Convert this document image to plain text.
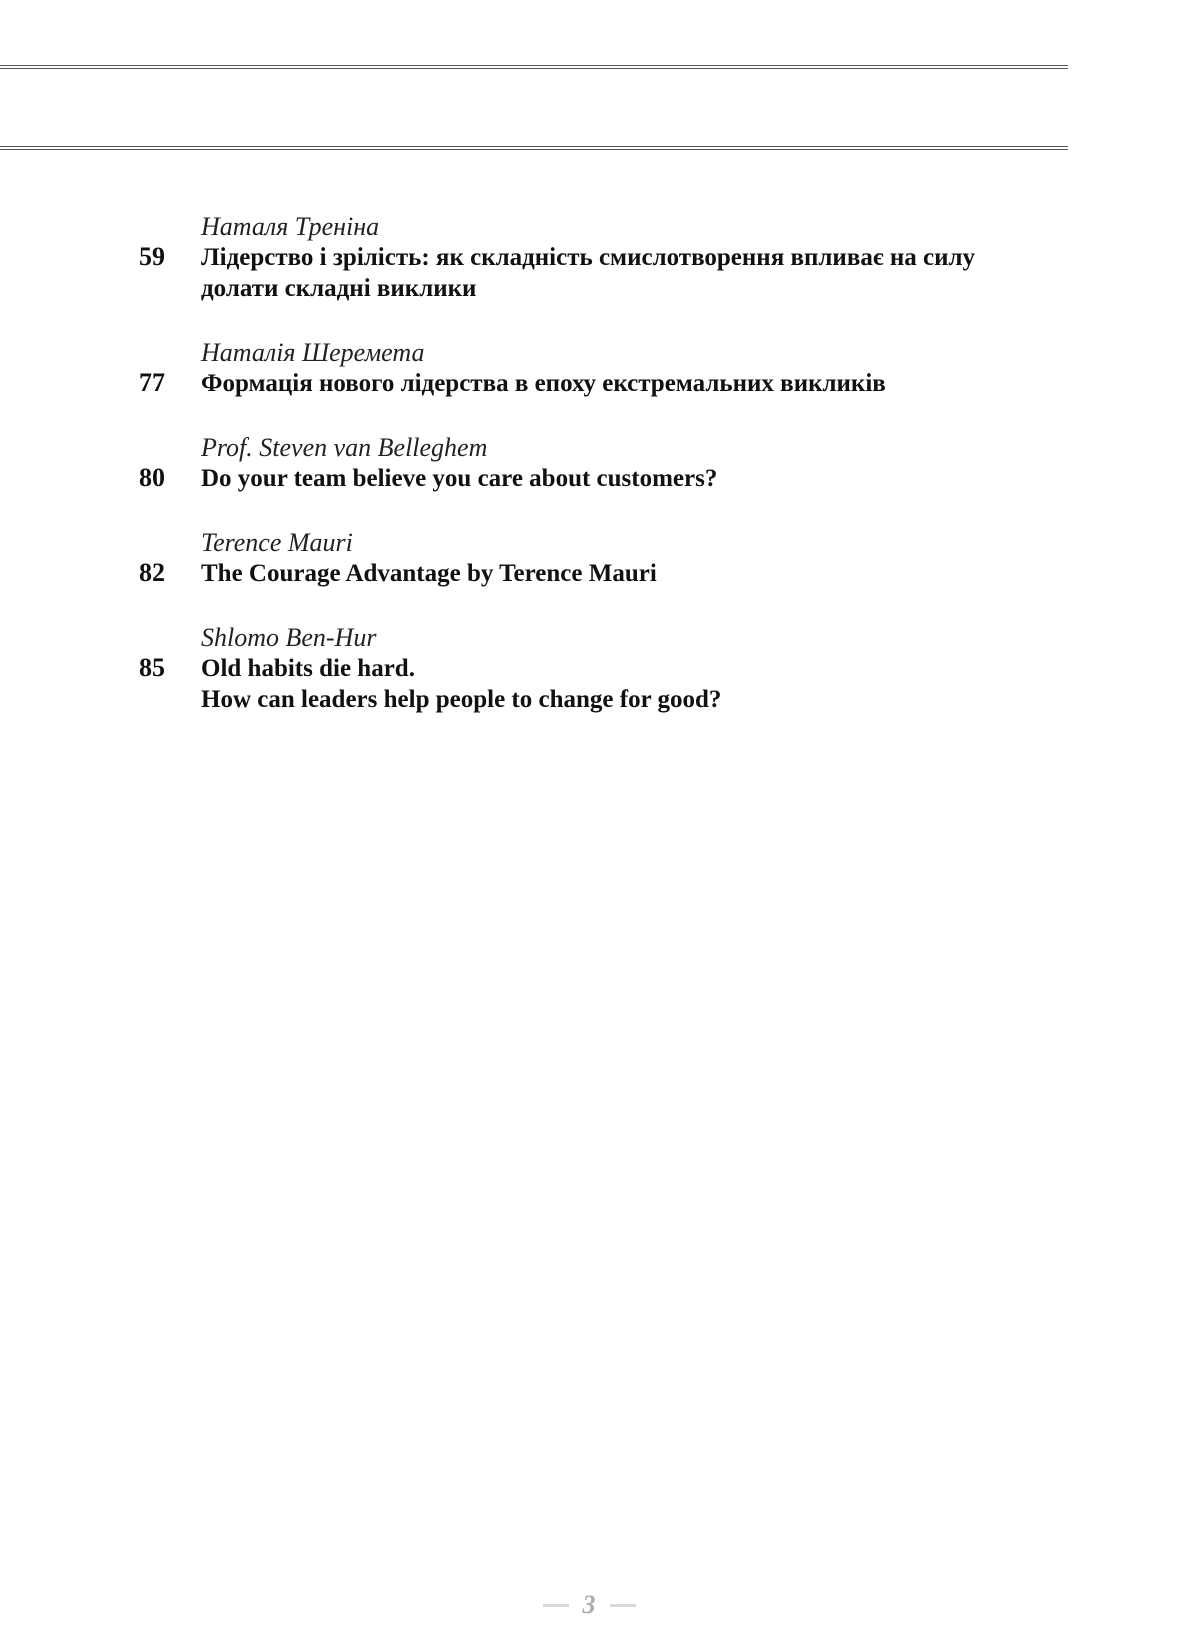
Наталя Треніна
59 Лідерство і зрілість: як складність смислотворення впливає на силу долати складні виклики
Наталія Шеремета
77 Формація нового лідерства в епоху екстремальних викликів
Prof. Steven van Belleghem
80 Do your team believe you care about customers?
Terence Mauri
82 The Courage Advantage by Terence Mauri
Shlomo Ben-Hur
85 Old habits die hard.
How can leaders help people to change for good?
3
